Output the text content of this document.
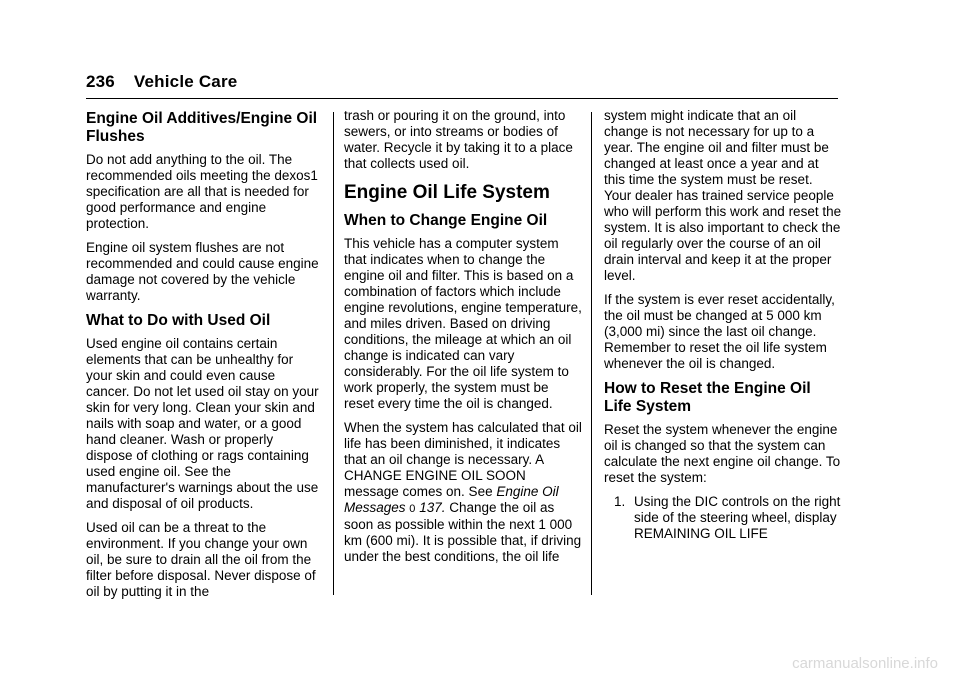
236 Vehicle Care
Engine Oil Additives/Engine Oil Flushes

Do not add anything to the oil. The recommended oils meeting the dexos1 specification are all that is needed for good performance and engine protection.

Engine oil system flushes are not recommended and could cause engine damage not covered by the vehicle warranty.

What to Do with Used Oil

Used engine oil contains certain elements that can be unhealthy for your skin and could even cause cancer. Do not let used oil stay on your skin for very long. Clean your skin and nails with soap and water, or a good hand cleaner. Wash or properly dispose of clothing or rags containing used engine oil. See the manufacturer's warnings about the use and disposal of oil products.

Used oil can be a threat to the environment. If you change your own oil, be sure to drain all the oil from the filter before disposal. Never dispose of oil by putting it in the

trash or pouring it on the ground, into sewers, or into streams or bodies of water. Recycle it by taking it to a place that collects used oil.

Engine Oil Life System
When to Change Engine Oil

This vehicle has a computer system that indicates when to change the engine oil and filter. This is based on a combination of factors which include engine revolutions, engine temperature, and miles driven. Based on driving conditions, the mileage at which an oil change is indicated can vary considerably. For the oil life system to work properly, the system must be reset every time the oil is changed.

When the system has calculated that oil life has been diminished, it indicates that an oil change is necessary. A CHANGE ENGINE OIL SOON message comes on. See Engine Oil Messages 0 137. Change the oil as soon as possible within the next 1 000 km (600 mi). It is possible that, if driving under the best conditions, the oil life

system might indicate that an oil change is not necessary for up to a year. The engine oil and filter must be changed at least once a year and at this time the system must be reset. Your dealer has trained service people who will perform this work and reset the system. It is also important to check the oil regularly over the course of an oil drain interval and keep it at the proper level.

If the system is ever reset accidentally, the oil must be changed at 5 000 km (3,000 mi) since the last oil change. Remember to reset the oil life system whenever the oil is changed.

How to Reset the Engine Oil Life System

Reset the system whenever the engine oil is changed so that the system can calculate the next engine oil change. To reset the system:

1. Using the DIC controls on the right side of the steering wheel, display REMAINING OIL LIFE
carmanualsonline.info
